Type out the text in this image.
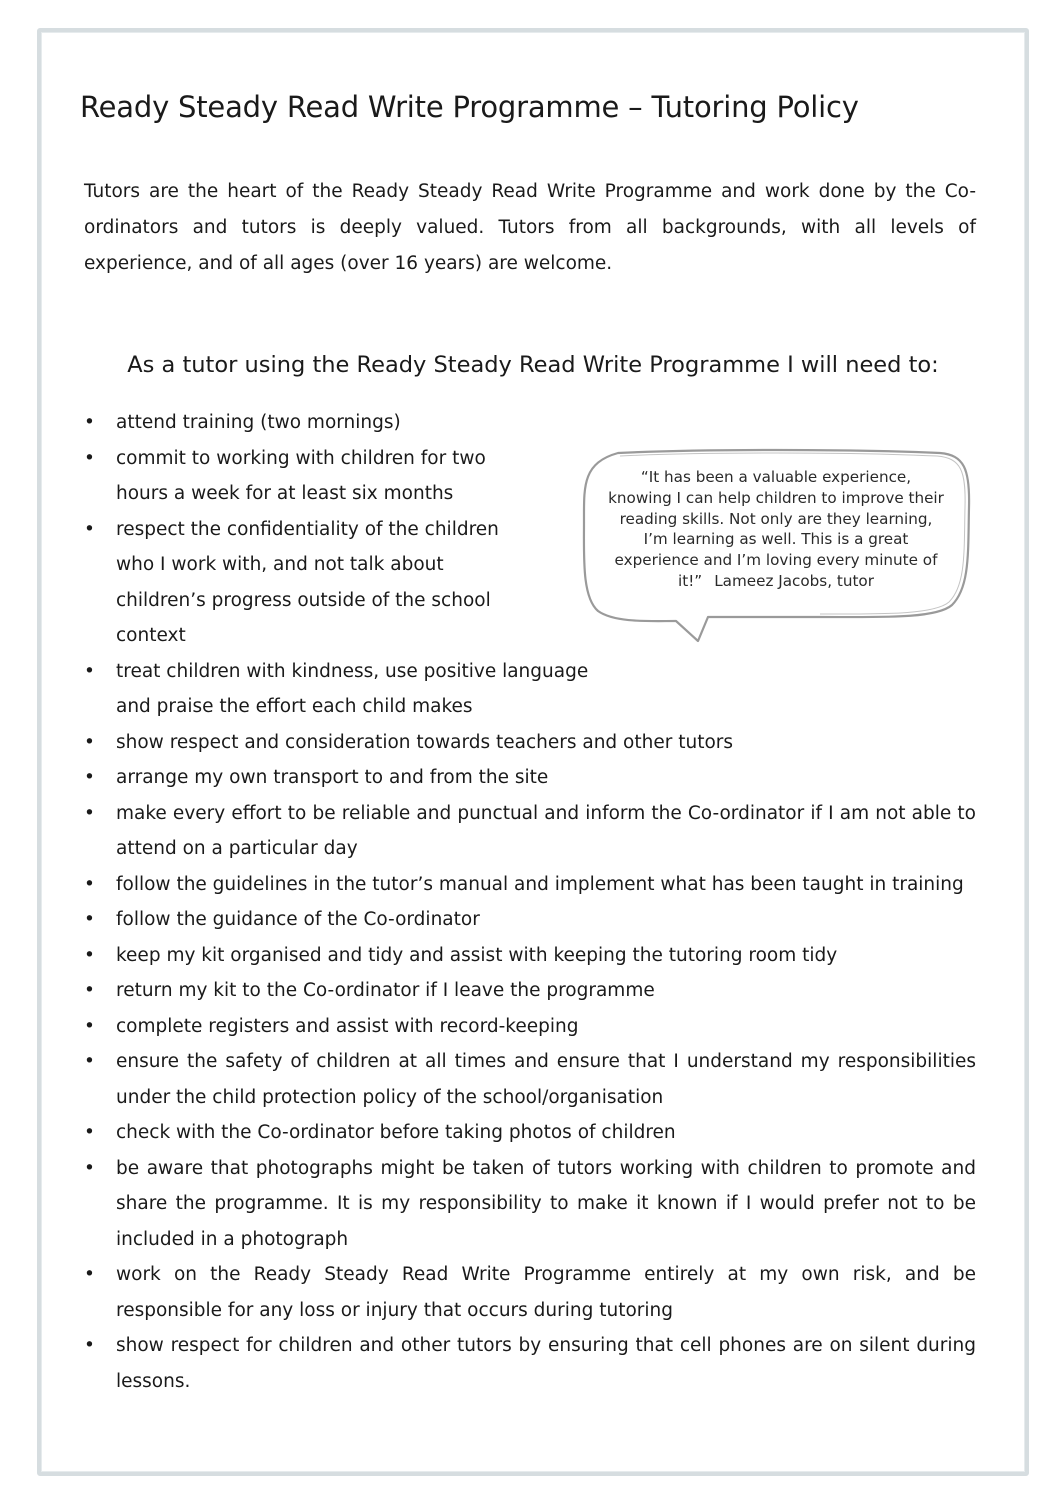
Ready Steady Read Write Programme – Tutoring Policy

Tutors are the heart of the Ready Steady Read Write Programme and work done by the Co-ordinators and tutors is deeply valued. Tutors from all backgrounds, with all levels of experience, and of all ages (over 16 years) are welcome.

As a tutor using the Ready Steady Read Write Programme I will need to:
• attend training (two mornings)
• commit to working with children for two hours a week for at least six months
• respect the confidentiality of the children who I work with, and not talk about children’s progress outside of the school context
• treat children with kindness, use positive language and praise the effort each child makes
• show respect and consideration towards teachers and other tutors
• arrange my own transport to and from the site
• make every effort to be reliable and punctual and inform the Co-ordinator if I am not able to attend on a particular day
• follow the guidelines in the tutor’s manual and implement what has been taught in training
• follow the guidance of the Co-ordinator
• keep my kit organised and tidy and assist with keeping the tutoring room tidy
• return my kit to the Co-ordinator if I leave the programme
• complete registers and assist with record-keeping
• ensure the safety of children at all times and ensure that I understand my responsibilities under the child protection policy of the school/organisation
• check with the Co-ordinator before taking photos of children
• be aware that photographs might be taken of tutors working with children to promote and share the programme. It is my responsibility to make it known if I would prefer not to be included in a photograph
• work on the Ready Steady Read Write Programme entirely at my own risk, and be responsible for any loss or injury that occurs during tutoring
• show respect for children and other tutors by ensuring that cell phones are on silent during lessons.
“It has been a valuable experience, knowing I can help children to improve their reading skills. Not only are they learning, I’m learning as well. This is a great experience and I’m loving every minute of it!” Lameez Jacobs, tutor
